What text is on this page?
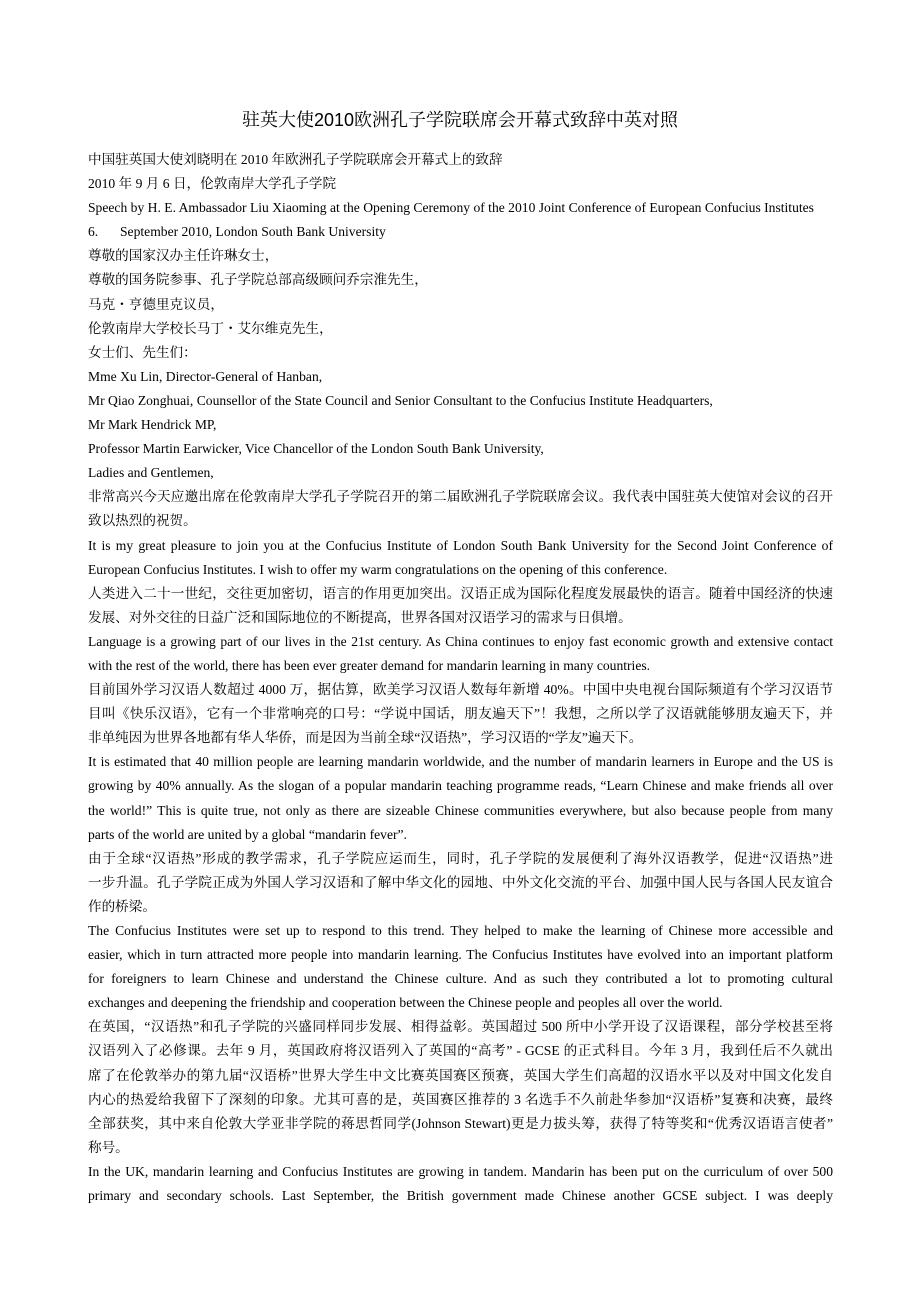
驻英大使2010欧洲孔子学院联席会开幕式致辞中英对照
中国驻英国大使刘晓明在 2010 年欧洲孔子学院联席会开幕式上的致辞
2010 年 9 月 6 日，伦敦南岸大学孔子学院
Speech by H. E. Ambassador Liu Xiaoming at the Opening Ceremony of the 2010 Joint Conference of European Confucius Institutes
6. September 2010, London South Bank University
尊敬的国家汉办主任许琳女士，
尊敬的国务院参事、孔子学院总部高级顾问乔宗淮先生，
马克・亨德里克议员，
伦敦南岸大学校长马丁・艾尔维克先生，
女士们、先生们：
Mme Xu Lin, Director-General of Hanban,
Mr Qiao Zonghuai, Counsellor of the State Council and Senior Consultant to the Confucius Institute Headquarters,
Mr Mark Hendrick MP,
Professor Martin Earwicker, Vice Chancellor of the London South Bank University,
Ladies and Gentlemen,
非常高兴今天应邀出席在伦敦南岸大学孔子学院召开的第二届欧洲孔子学院联席会议。我代表中国驻英大使馆对会议的召开
致以热烈的祝贺。
It is my great pleasure to join you at the Confucius Institute of London South Bank University for the Second Joint Conference of
European Confucius Institutes. I wish to offer my warm congratulations on the opening of this conference.
人类进入二十一世纪，交往更加密切，语言的作用更加突出。汉语正成为国际化程度发展最快的语言。随着中国经济的快速
发展、对外交往的日益广泛和国际地位的不断提高，世界各国对汉语学习的需求与日俱增。
Language is a growing part of our lives in the 21st century. As China continues to enjoy fast economic growth and extensive contact
with the rest of the world, there has been ever greater demand for mandarin learning in many countries.
目前国外学习汉语人数超过 4000 万，据估算，欧美学习汉语人数每年新增 40%。中国中央电视台国际频道有个学习汉语节
目叫《快乐汉语》，它有一个非常响亮的口号：“学说中国话，朋友遍天下”！我想，之所以学了汉语就能够朋友遍天下，并
非单纯因为世界各地都有华人华侨，而是因为当前全球“汉语热”，学习汉语的“学友”遍天下。
It is estimated that 40 million people are learning mandarin worldwide, and the number of mandarin learners in Europe and the US is
growing by 40% annually. As the slogan of a popular mandarin teaching programme reads, “Learn Chinese and make friends all over
the world!” This is quite true, not only as there are sizeable Chinese communities everywhere, but also because people from many
parts of the world are united by a global “mandarin fever”.
由于全球“汉语热”形成的教学需求，孔子学院应运而生，同时，孔子学院的发展便利了海外汉语教学，促进“汉语热”进
一步升温。孔子学院正成为外国人学习汉语和了解中华文化的园地、中外文化交流的平台、加强中国人民与各国人民友谊合
作的桥梁。
The Confucius Institutes were set up to respond to this trend. They helped to make the learning of Chinese more accessible and
easier, which in turn attracted more people into mandarin learning. The Confucius Institutes have evolved into an important platform
for foreigners to learn Chinese and understand the Chinese culture. And as such they contributed a lot to promoting cultural
exchanges and deepening the friendship and cooperation between the Chinese people and peoples all over the world.
在英国，“汉语热”和孔子学院的兴盛同样同步发展、相得益彰。英国超过 500 所中小学开设了汉语课程，部分学校甚至将
汉语列入了必修课。去年 9 月，英国政府将汉语列入了英国的“高考” - GCSE 的正式科目。今年 3 月，我到任后不久就出
席了在伦敦举办的第九届“汉语桥”世界大学生中文比赛英国赛区预赛，英国大学生们高超的汉语水平以及对中国文化发自
内心的热爱给我留下了深刻的印象。尤其可喜的是，英国赛区推荐的 3 名选手不久前赴华参加“汉语桥”复赛和决赛，最终
全部获奖，其中来自伦敦大学亚非学院的蒋思哲同学(Johnson Stewart)更是力拔头筹，获得了特等奖和“优秀汉语语言使者”
称号。
In the UK, mandarin learning and Confucius Institutes are growing in tandem. Mandarin has been put on the curriculum of over 500
primary and secondary schools. Last September, the British government made Chinese another GCSE subject. I was deeply
